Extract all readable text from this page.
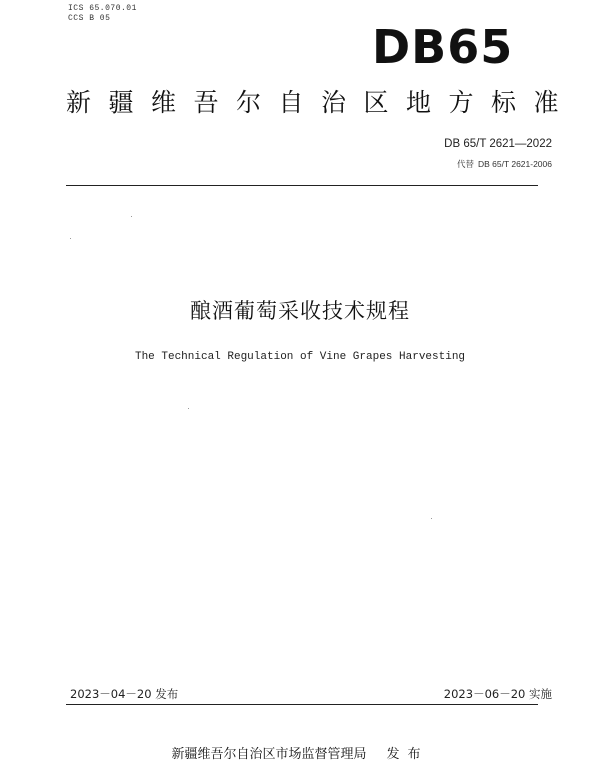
ICS 65.070.01
CCS B 05
DB65
新疆维吾尔自治区地方标准
DB 65/T 2621—2022
代替 DB 65/T 2621-2006
酿酒葡萄采收技术规程
The Technical Regulation of Vine Grapes Harvesting
2023－04－20 发布	2023－06－20 实施
新疆维吾尔自治区市场监督管理局 发布
